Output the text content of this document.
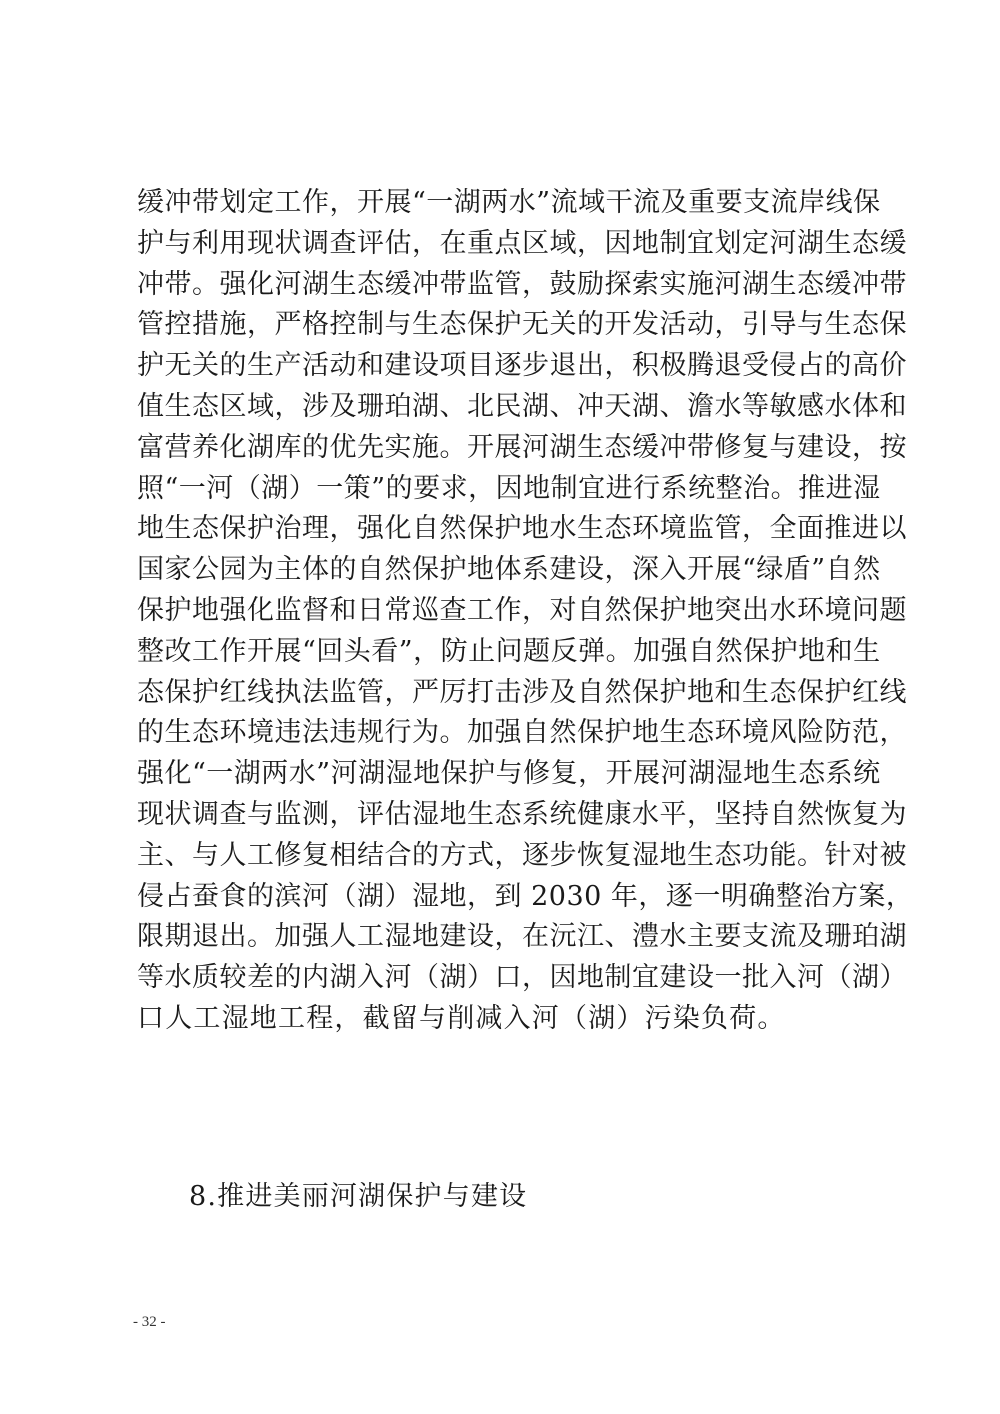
缓冲带划定工作，开展“一湖两水”流域干流及重要支流岸线保
护与利用现状调查评估，在重点区域，因地制宜划定河湖生态缓
冲带。强化河湖生态缓冲带监管，鼓励探索实施河湖生态缓冲带
管控措施，严格控制与生态保护无关的开发活动，引导与生态保
护无关的生产活动和建设项目逐步退出，积极腾退受侵占的高价
值生态区域，涉及珊珀湖、北民湖、冲天湖、澹水等敏感水体和
富营养化湖库的优先实施。开展河湖生态缓冲带修复与建设，按
照“一河（湖）一策”的要求，因地制宜进行系统整治。推进湿
地生态保护治理，强化自然保护地水生态环境监管，全面推进以
国家公园为主体的自然保护地体系建设，深入开展“绿盾”自然
保护地强化监督和日常巡查工作，对自然保护地突出水环境问题
整改工作开展“回头看”，防止问题反弹。加强自然保护地和生
态保护红线执法监管，严厉打击涉及自然保护地和生态保护红线
的生态环境违法违规行为。加强自然保护地生态环境风险防范，
强化“一湖两水”河湖湿地保护与修复，开展河湖湿地生态系统
现状调查与监测，评估湿地生态系统健康水平，坚持自然恢复为
主、与人工修复相结合的方式，逐步恢复湿地生态功能。针对被
侵占蚕食的滨河（湖）湿地，到 2030 年，逐一明确整治方案，
限期退出。加强人工湿地建设，在沅江、澧水主要支流及珊珀湖
等水质较差的内湖入河（湖）口，因地制宜建设一批入河（湖）
口人工湿地工程，截留与削减入河（湖）污染负荷。
8.推进美丽河湖保护与建设
- 32 -
